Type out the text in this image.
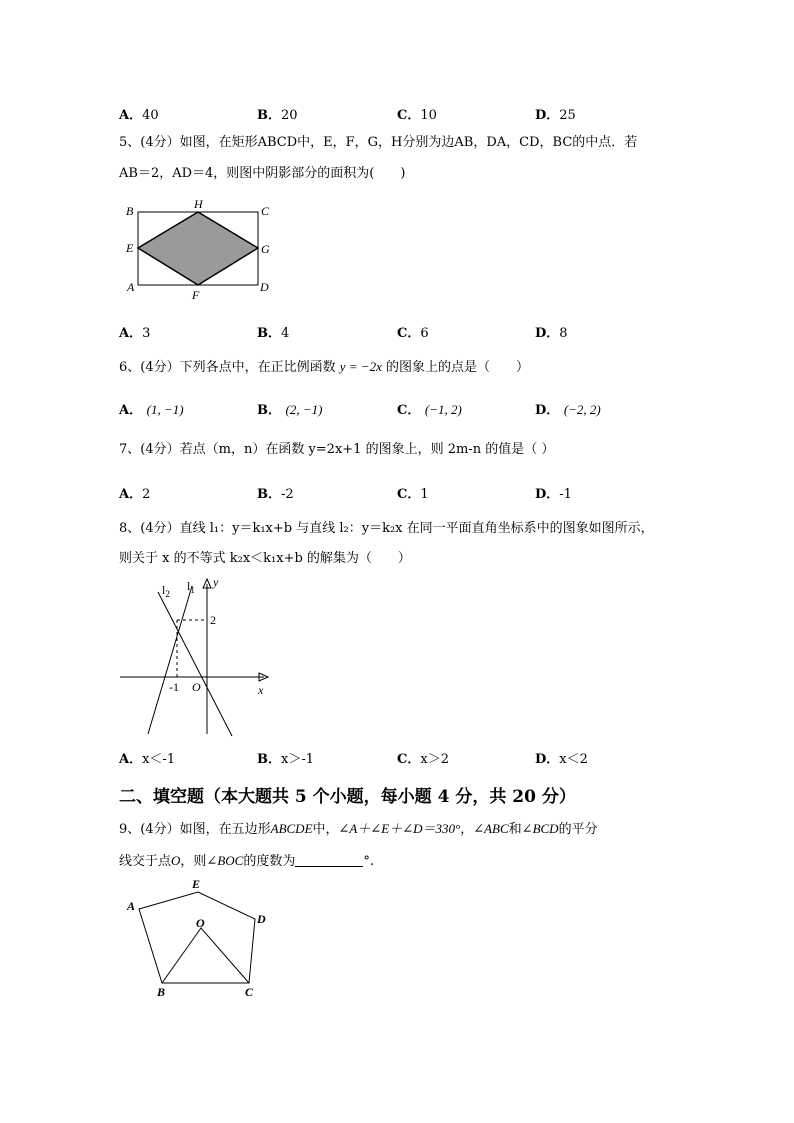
A．40	B．20	C．10	D．25
5、(4分）如图，在矩形ABCD中，E，F，G，H分别为边AB，DA，CD，BC的中点．若
AB＝2，AD＝4，则图中阴影部分的面积为(　　)
B	H	C
E	G
A
F
D
A．3	B．4	C．6	D．8
6、(4分）下列各点中，在正比例函数 y = −2x 的图象上的点是（　　）
A． (1, −1)	B． (2, −1)	C． (−1, 2)	D． (−2, 2)
7、(4分）若点（m，n）在函数 y=2x+1 的图象上，则 2m-n 的值是（ ）
A．2	B．-2	C．1	D．-1
8、(4分）直线 l₁：y＝k₁x+b 与直线 l₂：y＝k₂x 在同一平面直角坐标系中的图象如图所示，
则关于 x 的不等式 k₂x＜k₁x+b 的解集为（　　）
$l_2$
$l_1$
y
2
-1 O	x
A．x＜-1	B．x＞-1	C．x＞2	D．x＜2
二、填空题（本大题共 5 个小题，每小题 4 分，共 20 分）
9、(4分）如图，在五边形ABCDE中，∠A＋∠E＋∠D＝330°，∠ABC和∠BCD的平分
线交于点O，则∠BOC的度数为	°.
A
E
O	D
B	C
